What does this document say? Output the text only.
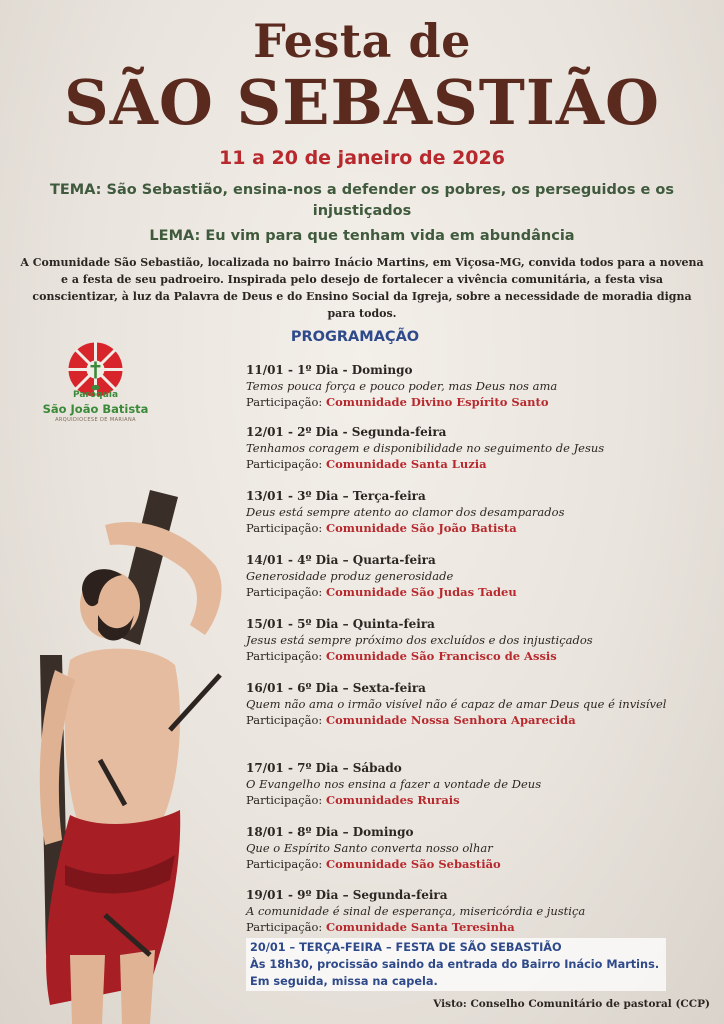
Festa de
SÃO SEBASTIÃO
11 a 20 de janeiro de 2026
TEMA: São Sebastião, ensina-nos a defender os pobres, os perseguidos e os injustiçados
LEMA: Eu vim para que tenham vida em abundância
A Comunidade São Sebastião, localizada no bairro Inácio Martins, em Viçosa-MG, convida todos para a novena e a festa de seu padroeiro. Inspirada pelo desejo de fortalecer a vivência comunitária, a festa visa conscientizar, à luz da Palavra de Deus e do Ensino Social da Igreja, sobre a necessidade de moradia digna para todos.
Paróquia
São João Batista
ARQUIDIOCESE DE MARIANA
PROGRAMAÇÃO
11/01 - 1º Dia - Domingo
Temos pouca força e pouco poder, mas Deus nos ama
Participação: Comunidade Divino Espírito Santo
12/01 - 2º Dia - Segunda-feira
Tenhamos coragem e disponibilidade no seguimento de Jesus
Participação: Comunidade Santa Luzia
13/01 - 3º Dia – Terça-feira
Deus está sempre atento ao clamor dos desamparados
Participação: Comunidade São João Batista
14/01 - 4º Dia – Quarta-feira
Generosidade produz generosidade
Participação: Comunidade São Judas Tadeu
15/01 - 5º Dia – Quinta-feira
Jesus está sempre próximo dos excluídos e dos injustiçados
Participação: Comunidade São Francisco de Assis
16/01 - 6º Dia – Sexta-feira
Quem não ama o irmão visível não é capaz de amar Deus que é invisível
Participação: Comunidade Nossa Senhora Aparecida
17/01 - 7º Dia – Sábado
O Evangelho nos ensina a fazer a vontade de Deus
Participação: Comunidades Rurais
18/01 - 8º Dia – Domingo
Que o Espírito Santo converta nosso olhar
Participação: Comunidade São Sebastião
19/01 - 9º Dia – Segunda-feira
A comunidade é sinal de esperança, misericórdia e justiça
Participação: Comunidade Santa Teresinha
20/01 – TERÇA-FEIRA – FESTA DE SÃO SEBASTIÃO
Às 18h30, procissão saindo da entrada do Bairro Inácio Martins.
Em seguida, missa na capela.
Visto: Conselho Comunitário de pastoral (CCP)
